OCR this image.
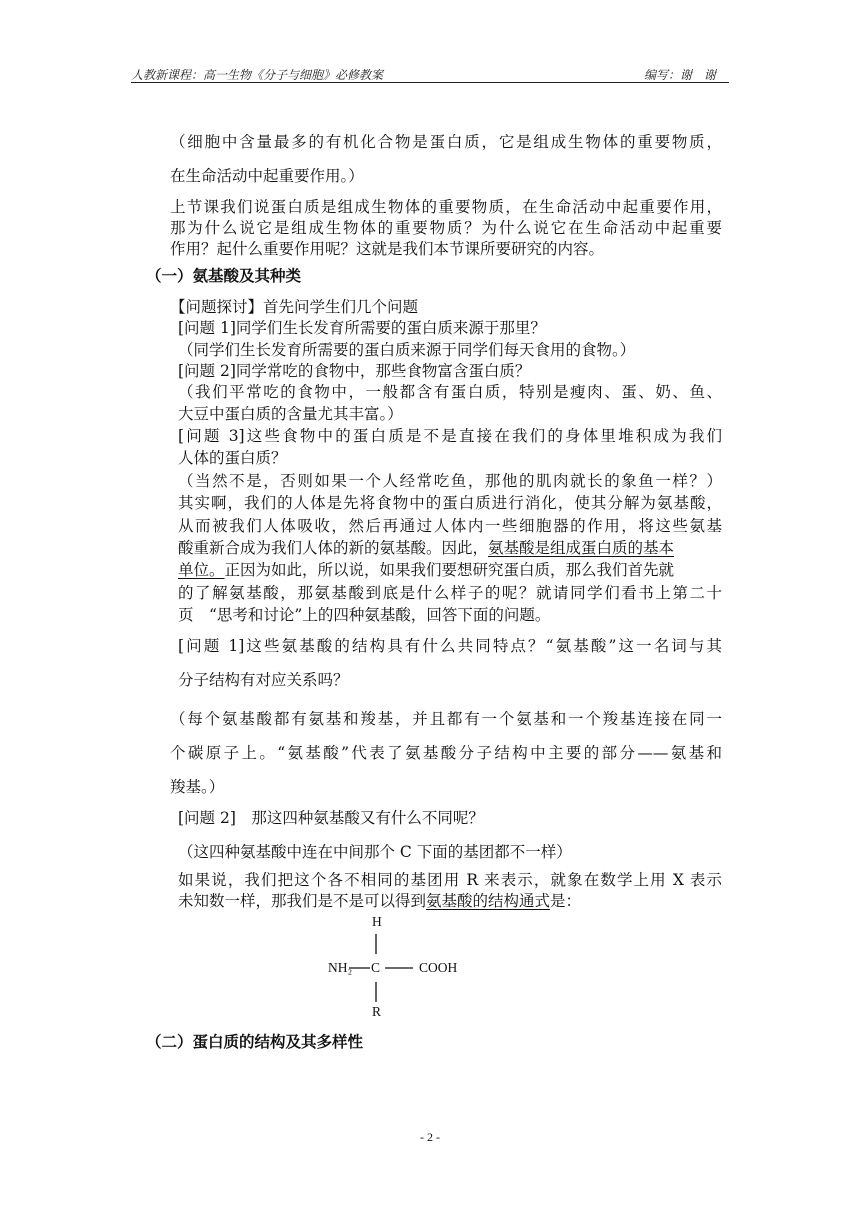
人教新课程：高一生物《分子与细胞》必修教案	编写：谢　谢
（细胞中含量最多的有机化合物是蛋白质，它是组成生物体的重要物质，
在生命活动中起重要作用。）
上节课我们说蛋白质是组成生物体的重要物质，在生命活动中起重要作用，
那为什么说它是组成生物体的重要物质？为什么说它在生命活动中起重要
作用？起什么重要作用呢？这就是我们本节课所要研究的内容。
（一）氨基酸及其种类
【问题探讨】首先问学生们几个问题
[问题 1]同学们生长发育所需要的蛋白质来源于那里？
（同学们生长发育所需要的蛋白质来源于同学们每天食用的食物。）
[问题 2]同学常吃的食物中，那些食物富含蛋白质？
（我们平常吃的食物中，一般都含有蛋白质，特别是瘦肉、蛋、奶、鱼、
大豆中蛋白质的含量尤其丰富。）
[问题 3]这些食物中的蛋白质是不是直接在我们的身体里堆积成为我们
人体的蛋白质？
（当然不是，否则如果一个人经常吃鱼，那他的肌肉就长的象鱼一样？）
其实啊，我们的人体是先将食物中的蛋白质进行消化，使其分解为氨基酸，
从而被我们人体吸收，然后再通过人体内一些细胞器的作用，将这些氨基
酸重新合成为我们人体的新的氨基酸。因此，氨基酸是组成蛋白质的基本
单位。正因为如此，所以说，如果我们要想研究蛋白质，那么我们首先就
的了解氨基酸，那氨基酸到底是什么样子的呢？就请同学们看书上第二十
页　“思考和讨论”上的四种氨基酸，回答下面的问题。
[问题 1]这些氨基酸的结构具有什么共同特点？“氨基酸”这一名词与其
分子结构有对应关系吗？
（每个氨基酸都有氨基和羧基，并且都有一个氨基和一个羧基连接在同一
个碳原子上。“氨基酸”代表了氨基酸分子结构中主要的部分——氨基和
羧基。）
[问题 2]　那这四种氨基酸又有什么不同呢？
（这四种氨基酸中连在中间那个 C 下面的基团都不一样）
如果说，我们把这个各不相同的基团用 R 来表示，就象在数学上用 X 表示
未知数一样，那我们是不是可以得到氨基酸的结构通式是：
H
NH₂ C	COOH
R
（二）蛋白质的结构及其多样性
- 2 -
